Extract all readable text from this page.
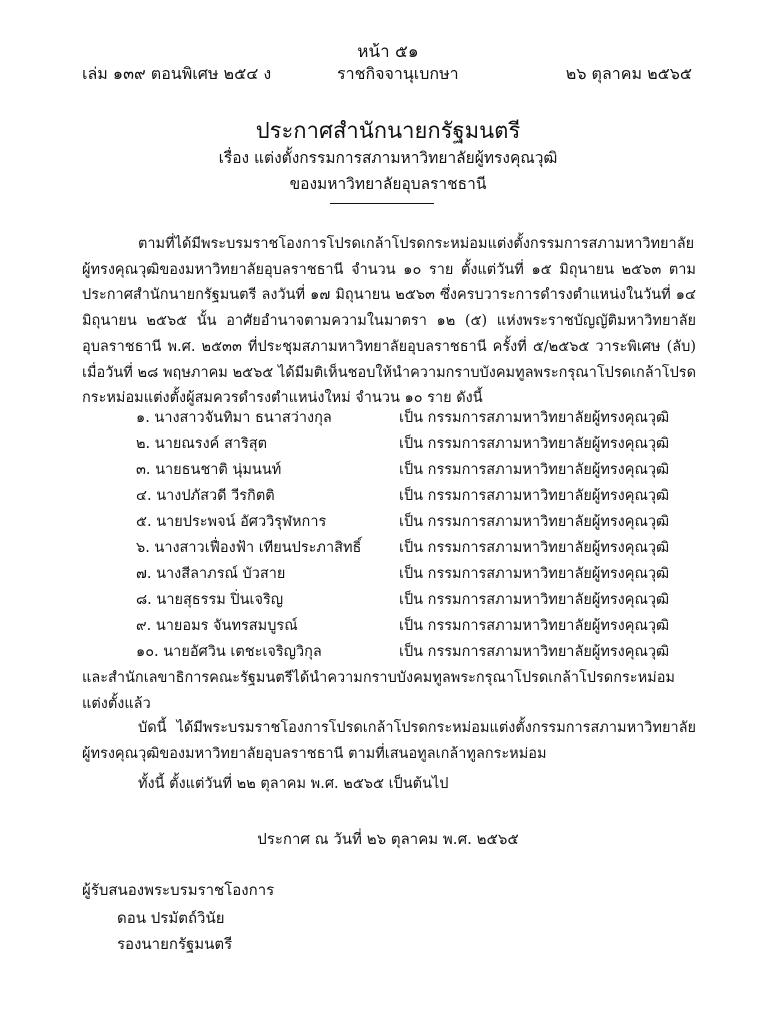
หน้า ๕๑
เล่ม ๑๓๙ ตอนพิเศษ ๒๕๔ ง	ราชกิจจานุเบกษา	๒๖ ตุลาคม ๒๕๖๕
ประกาศสำนักนายกรัฐมนตรี
เรื่อง แต่งตั้งกรรมการสภามหาวิทยาลัยผู้ทรงคุณวุฒิ
ของมหาวิทยาลัยอุบลราชธานี
ตามที่ได้มีพระบรมราชโองการโปรดเกล้าโปรดกระหม่อมแต่งตั้งกรรมการสภามหาวิทยาลัยผู้ทรงคุณวุฒิของมหาวิทยาลัยอุบลราชธานี จำนวน ๑๐ ราย ตั้งแต่วันที่ ๑๕ มิถุนายน ๒๕๖๓ ตามประกาศสำนักนายกรัฐมนตรี ลงวันที่ ๑๗ มิถุนายน ๒๕๖๓ ซึ่งครบวาระการดำรงตำแหน่งในวันที่ ๑๔ มิถุนายน ๒๕๖๕ นั้น อาศัยอำนาจตามความในมาตรา ๑๒ (๕) แห่งพระราชบัญญัติมหาวิทยาลัยอุบลราชธานี พ.ศ. ๒๕๓๓ ที่ประชุมสภามหาวิทยาลัยอุบลราชธานี ครั้งที่ ๕/๒๕๖๕ วาระพิเศษ (ลับ) เมื่อวันที่ ๒๘ พฤษภาคม ๒๕๖๕ ได้มีมติเห็นชอบให้นำความกราบบังคมทูลพระกรุณาโปรดเกล้าโปรดกระหม่อมแต่งตั้งผู้สมควรดำรงตำแหน่งใหม่ จำนวน ๑๐ ราย ดังนี้
๑. นางสาวจันทิมา ธนาสว่างกุล	เป็น กรรมการสภามหาวิทยาลัยผู้ทรงคุณวุฒิ
๒. นายณรงค์ สาริสุต	เป็น กรรมการสภามหาวิทยาลัยผู้ทรงคุณวุฒิ
๓. นายธนชาติ นุ่มนนท์	เป็น กรรมการสภามหาวิทยาลัยผู้ทรงคุณวุฒิ
๔. นางปภัสวดี วีรกิตติ	เป็น กรรมการสภามหาวิทยาลัยผู้ทรงคุณวุฒิ
๕. นายประพจน์ อัศววิรุฬหการ	เป็น กรรมการสภามหาวิทยาลัยผู้ทรงคุณวุฒิ
๖. นางสาวเฟื่องฟ้า เทียนประภาสิทธิ์	เป็น กรรมการสภามหาวิทยาลัยผู้ทรงคุณวุฒิ
๗. นางสีลาภรณ์ บัวสาย	เป็น กรรมการสภามหาวิทยาลัยผู้ทรงคุณวุฒิ
๘. นายสุธรรม ปิ่นเจริญ	เป็น กรรมการสภามหาวิทยาลัยผู้ทรงคุณวุฒิ
๙. นายอมร จันทรสมบูรณ์	เป็น กรรมการสภามหาวิทยาลัยผู้ทรงคุณวุฒิ
๑๐. นายอัศวิน เตชะเจริญวิกุล	เป็น กรรมการสภามหาวิทยาลัยผู้ทรงคุณวุฒิ
และสำนักเลขาธิการคณะรัฐมนตรีได้นำความกราบบังคมทูลพระกรุณาโปรดเกล้าโปรดกระหม่อมแต่งตั้งแล้ว
บัดนี้ ได้มีพระบรมราชโองการโปรดเกล้าโปรดกระหม่อมแต่งตั้งกรรมการสภามหาวิทยาลัยผู้ทรงคุณวุฒิของมหาวิทยาลัยอุบลราชธานี ตามที่เสนอทูลเกล้าทูลกระหม่อม
ทั้งนี้ ตั้งแต่วันที่ ๒๒ ตุลาคม พ.ศ. ๒๕๖๕ เป็นต้นไป
ประกาศ ณ วันที่ ๒๖ ตุลาคม พ.ศ. ๒๕๖๕
ผู้รับสนองพระบรมราชโองการ
ดอน ปรมัตถ์วินัย
รองนายกรัฐมนตรี
